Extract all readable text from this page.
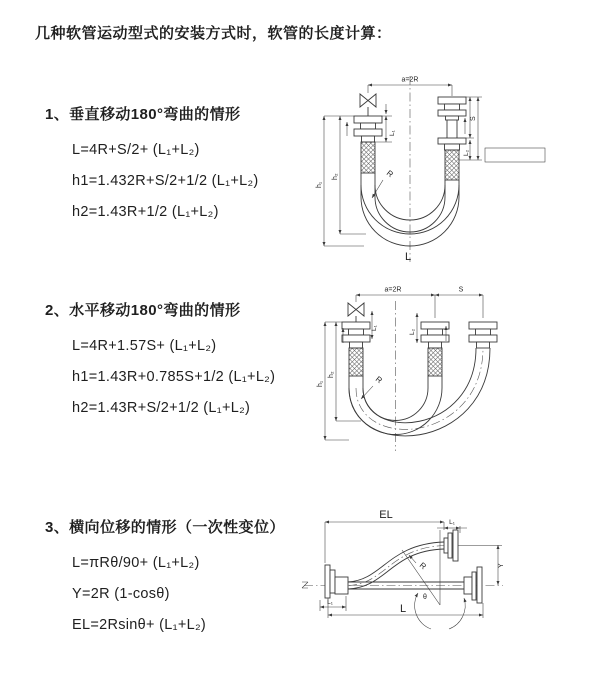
几种软管运动型式的安装方式时，软管的长度计算：
1、垂直移动180°弯曲的情形
L=4R+S/2+ (L₁+L₂)
h1=1.432R+S/2+1/2 (L₁+L₂)
h2=1.43R+1/2 (L₁+L₂)
2、水平移动180°弯曲的情形
L=4R+1.57S+ (L₁+L₂)
h1=1.43R+0.785S+1/2 (L₁+L₂)
h2=1.43R+S/2+1/2 (L₁+L₂)
3、横向位移的情形（一次性变位）
L=πRθ/90+ (L₁+L₂)
Y=2R (1-cosθ)
EL=2Rsinθ+ (L₁+L₂)
a=2R
h₁
h₂
L₁
S
L₂
R
L
a=2R	S
h₁
h₂
L₁
L₂
R
EL
L₁
θ
R	Y
L₁
L
